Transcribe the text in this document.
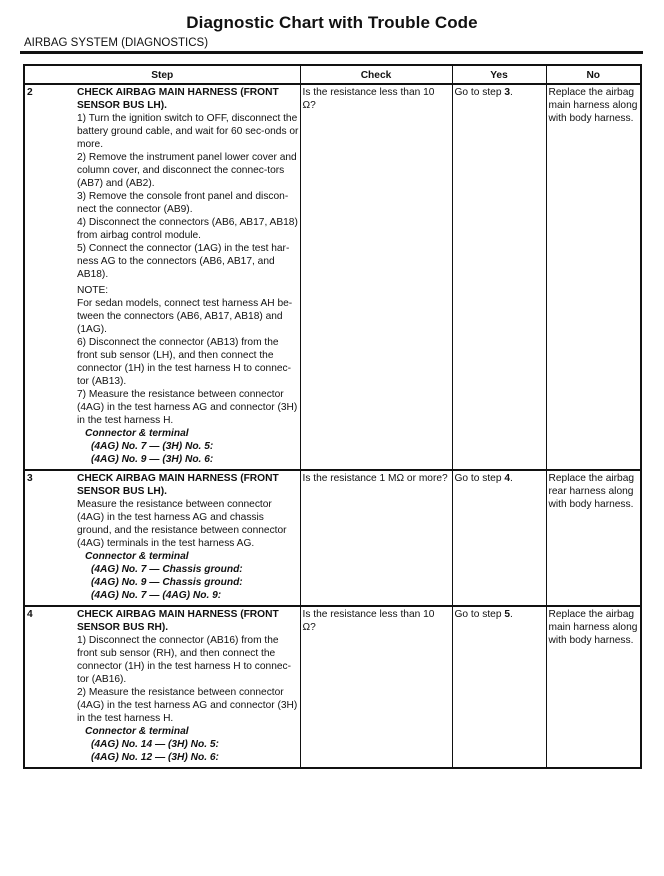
Diagnostic Chart with Trouble Code
AIRBAG SYSTEM (DIAGNOSTICS)
Step	Check	Yes	No
2	CHECK AIRBAG MAIN HARNESS (FRONT SENSOR BUS LH).
1) Turn the ignition switch to OFF, disconnect the battery ground cable, and wait for 60 sec-onds or more.
2) Remove the instrument panel lower cover and column cover, and disconnect the connec-tors (AB7) and (AB2).
3) Remove the console front panel and discon-nect the connector (AB9).
4) Disconnect the connectors (AB6, AB17, AB18) from airbag control module.
5) Connect the connector (1AG) in the test har-ness AG to the connectors (AB6, AB17, and AB18).
NOTE:
For sedan models, connect test harness AH be-tween the connectors (AB6, AB17, AB18) and (1AG).
6) Disconnect the connector (AB13) from the front sub sensor (LH), and then connect the connector (1H) in the test harness H to connec-tor (AB13).
7) Measure the resistance between connector (4AG) in the test harness AG and connector (3H) in the test harness H.
Connector & terminal
(4AG) No. 7 — (3H) No. 5:
(4AG) No. 9 — (3H) No. 6:
	Is the resistance less than 10 Ω?	Go to step 3.	Replace the airbag main harness along with body harness.
3	CHECK AIRBAG MAIN HARNESS (FRONT SENSOR BUS LH).
Measure the resistance between connector (4AG) in the test harness AG and chassis ground, and the resistance between connector (4AG) terminals in the test harness AG.
Connector & terminal
(4AG) No. 7 — Chassis ground:
(4AG) No. 9 — Chassis ground:
(4AG) No. 7 — (4AG) No. 9:
	Is the resistance 1 MΩ or more?	Go to step 4.	Replace the airbag rear harness along with body harness.
4	CHECK AIRBAG MAIN HARNESS (FRONT SENSOR BUS RH).
1) Disconnect the connector (AB16) from the front sub sensor (RH), and then connect the connector (1H) in the test harness H to connec-tor (AB16).
2) Measure the resistance between connector (4AG) in the test harness AG and connector (3H) in the test harness H.
Connector & terminal
(4AG) No. 14 — (3H) No. 5:
(4AG) No. 12 — (3H) No. 6:
	Is the resistance less than 10 Ω?	Go to step 5.	Replace the airbag main harness along with body harness.
